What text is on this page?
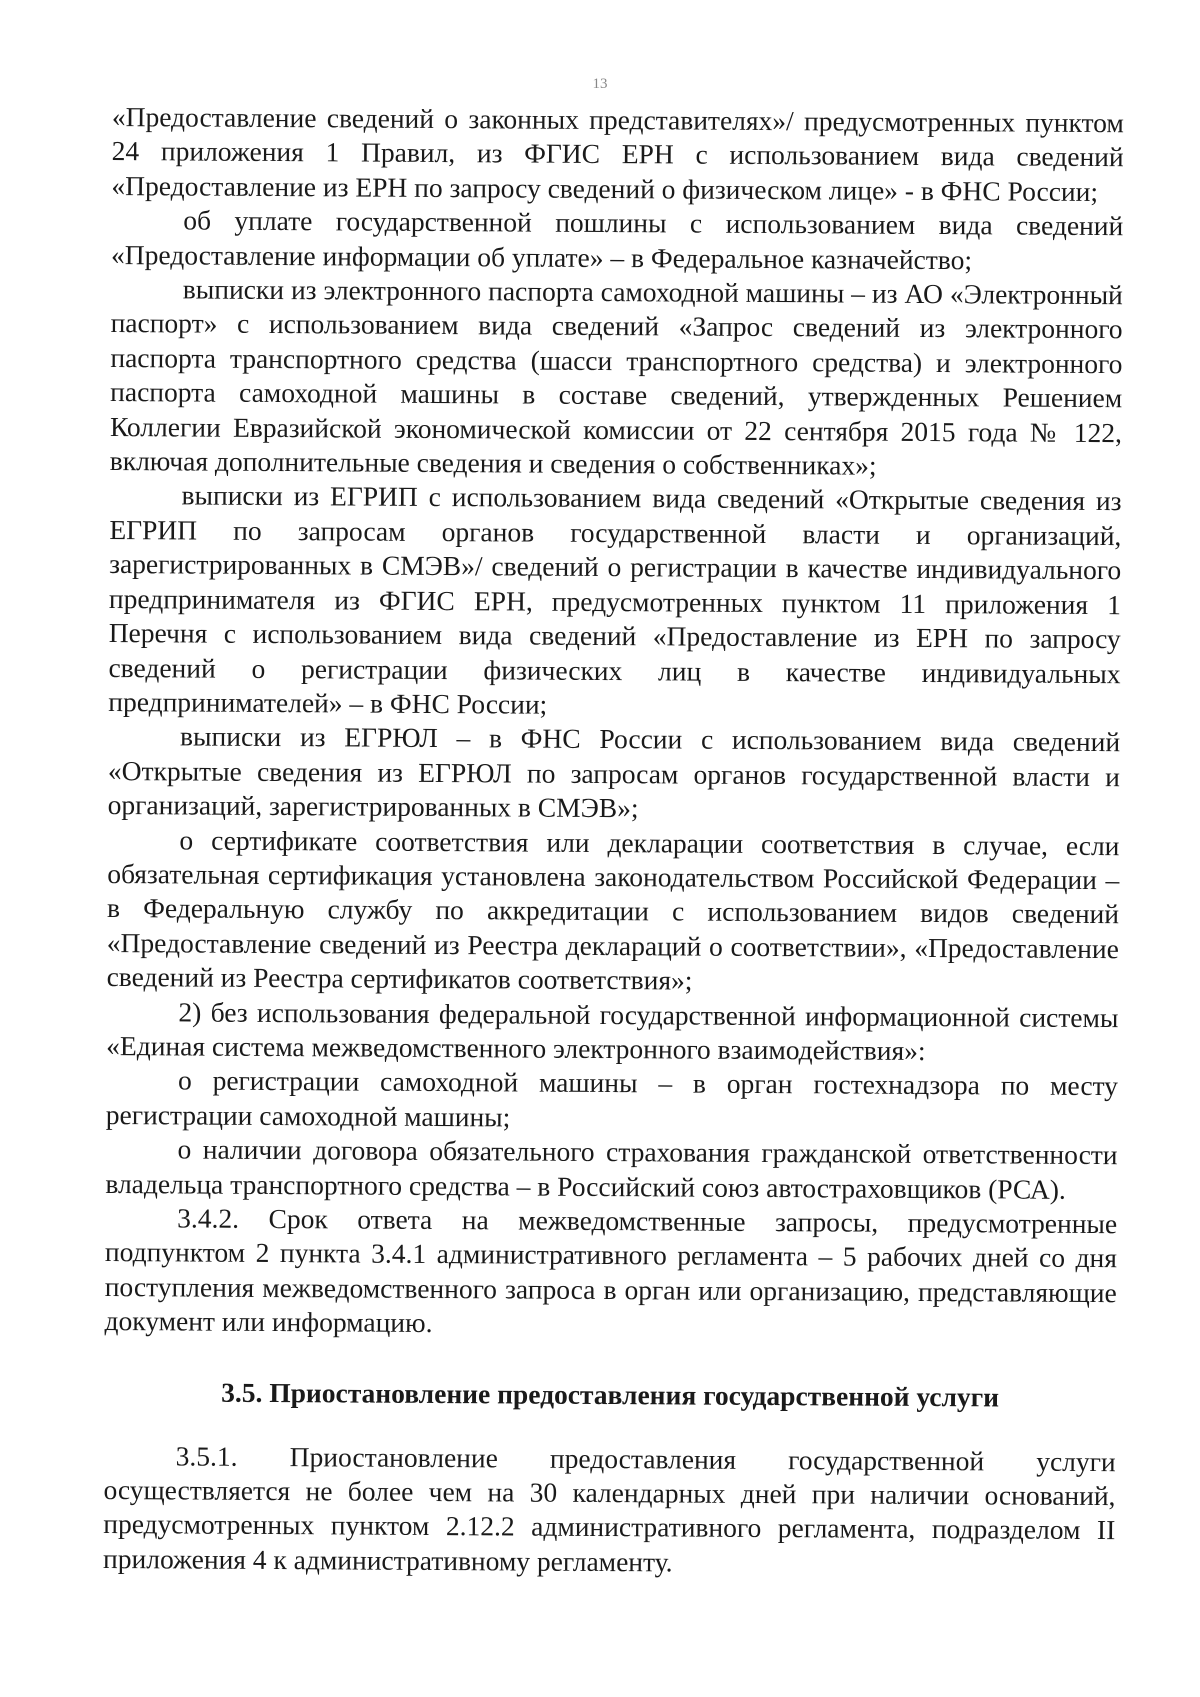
13

«Предоставление сведений о законных представителях»/ предусмотренных пунктом 24 приложения 1 Правил, из ФГИС ЕРН с использованием вида сведений «Предоставление из ЕРН по запросу сведений о физическом лице» - в ФНС России;

об уплате государственной пошлины с использованием вида сведений «Предоставление информации об уплате» – в Федеральное казначейство;

выписки из электронного паспорта самоходной машины – из АО «Электронный паспорт» с использованием вида сведений «Запрос сведений из электронного паспорта транспортного средства (шасси транспортного средства) и электронного паспорта самоходной машины в составе сведений, утвержденных Решением Коллегии Евразийской экономической комиссии от 22 сентября 2015 года № 122, включая дополнительные сведения и сведения о собственниках»;

выписки из ЕГРИП с использованием вида сведений «Открытые сведения из ЕГРИП по запросам органов государственной власти и организаций, зарегистрированных в СМЭВ»/ сведений о регистрации в качестве индивидуального предпринимателя из ФГИС ЕРН, предусмотренных пунктом 11 приложения 1 Перечня с использованием вида сведений «Предоставление из ЕРН по запросу сведений о регистрации физических лиц в качестве индивидуальных предпринимателей» – в ФНС России;

выписки из ЕГРЮЛ – в ФНС России с использованием вида сведений «Открытые сведения из ЕГРЮЛ по запросам органов государственной власти и организаций, зарегистрированных в СМЭВ»;

о сертификате соответствия или декларации соответствия в случае, если обязательная сертификация установлена законодательством Российской Федерации – в Федеральную службу по аккредитации с использованием видов сведений «Предоставление сведений из Реестра деклараций о соответствии», «Предоставление сведений из Реестра сертификатов соответствия»;

2) без использования федеральной государственной информационной системы «Единая система межведомственного электронного взаимодействия»:

о регистрации самоходной машины – в орган гостехнадзора по месту регистрации самоходной машины;

о наличии договора обязательного страхования гражданской ответственности владельца транспортного средства – в Российский союз автостраховщиков (РСА).

3.4.2. Срок ответа на межведомственные запросы, предусмотренные подпунктом 2 пункта 3.4.1 административного регламента – 5 рабочих дней со дня поступления межведомственного запроса в орган или организацию, представляющие документ или информацию.

3.5. Приостановление предоставления государственной услуги

3.5.1. Приостановление предоставления государственной услуги осуществляется не более чем на 30 календарных дней при наличии оснований, предусмотренных пунктом 2.12.2 административного регламента, подразделом II приложения 4 к административному регламенту.
